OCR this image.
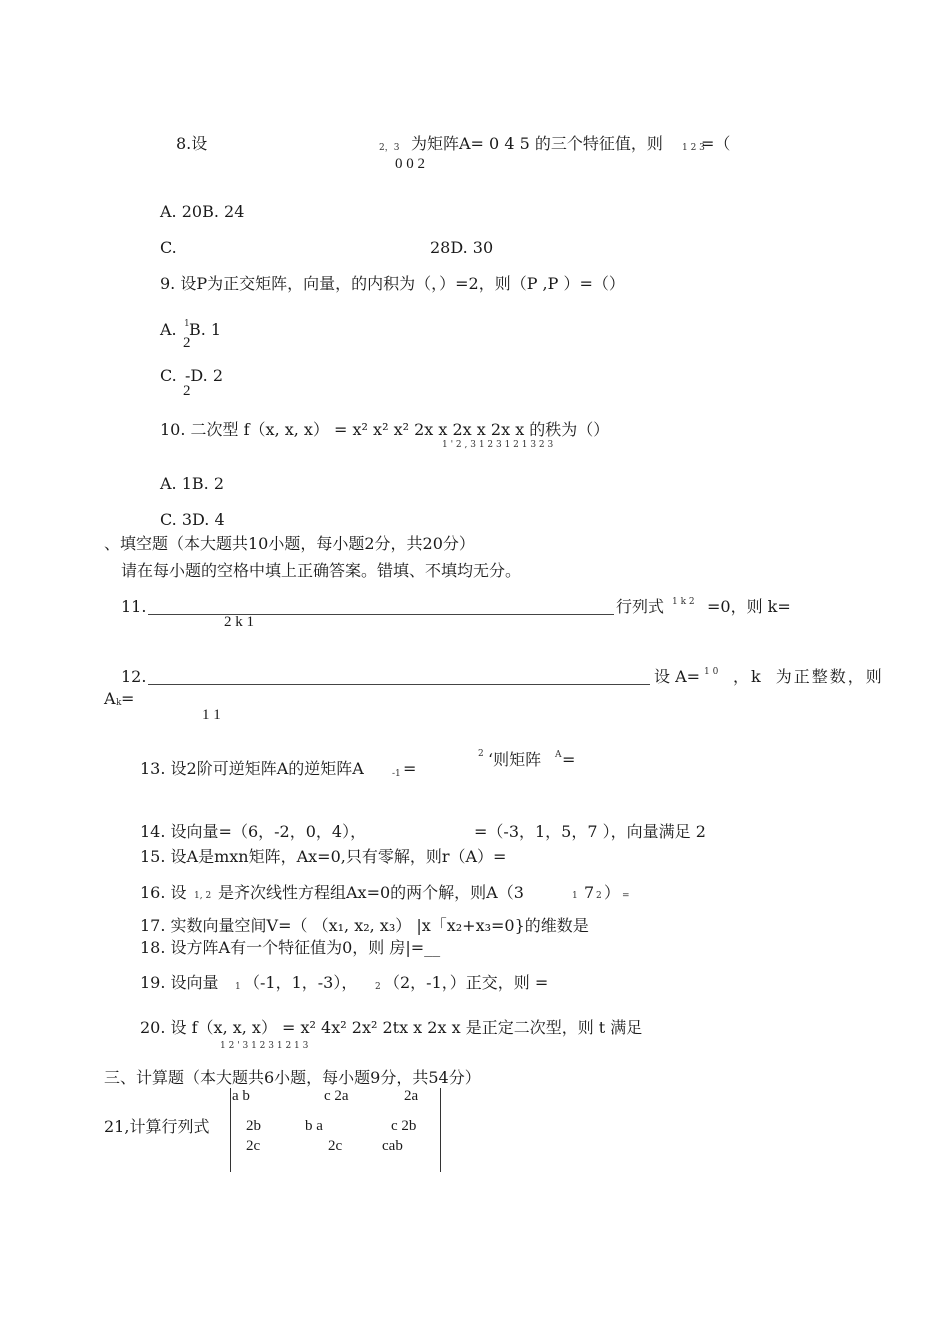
8.设	2，3 为矩阵A= 0 4 5 的三个特征值，则 1 2 3
=（
0 0 2
A. 20B. 24
C.	28D. 30
9. 设P为正交矩阵，向量，的内积为（，）=2，则（P ,P ）=（）
A. 1 B. 1
2
C. -D. 2
2
10. 二次型 f（x, x, x） = x² x² x² 2x x 2x x 2x x 的秩为（）
1 ' 2 , 3 1 2 3 1 2 1 3 2 3
A. 1B. 2
C. 3D. 4
、填空题（本大题共10小题，每小题2分，共20分）
请在每小题的空格中填上正确答案。错填、不填均无分。
11.	行列式 1 k 2 =0，则 k=
2 k 1
12.	设 A= 1 0 ，k 为正整数，则
A k =
1 1
13. 设2阶可逆矩阵A的逆矩阵A	-1 =
2 ‘则矩阵 A =
14. 设向量=（6，-2，0，4），	=（-3，1，5，7 ），向量满足 2
15. 设A是mxn矩阵，Ax=0,只有零解，则r（A）=
16. 设 1, 2 是齐次线性方程组Ax=0的两个解，则A（3	1 7 2 ） =
17. 实数向量空间V=（ （x₁, x₂, x₃） |x「x₂+x₃=0}的维数是
18. 设方阵A有一个特征值为0，则 房|=__
19. 设向量 1 （-1，1，-3）， 2 （2，-1，）正交，则 =
20. 设 f（x, x, x） = x² 4x² 2x² 2tx x 2x x 是正定二次型，则 t 满足
1 2 ' 3 1 2 3 1 2 1 3
三、计算题（本大题共6小题，每小题9分，共54分）
21,计算行列式
a b	c 2a	2a
2b	b a	c 2b
2c	2c	cab
